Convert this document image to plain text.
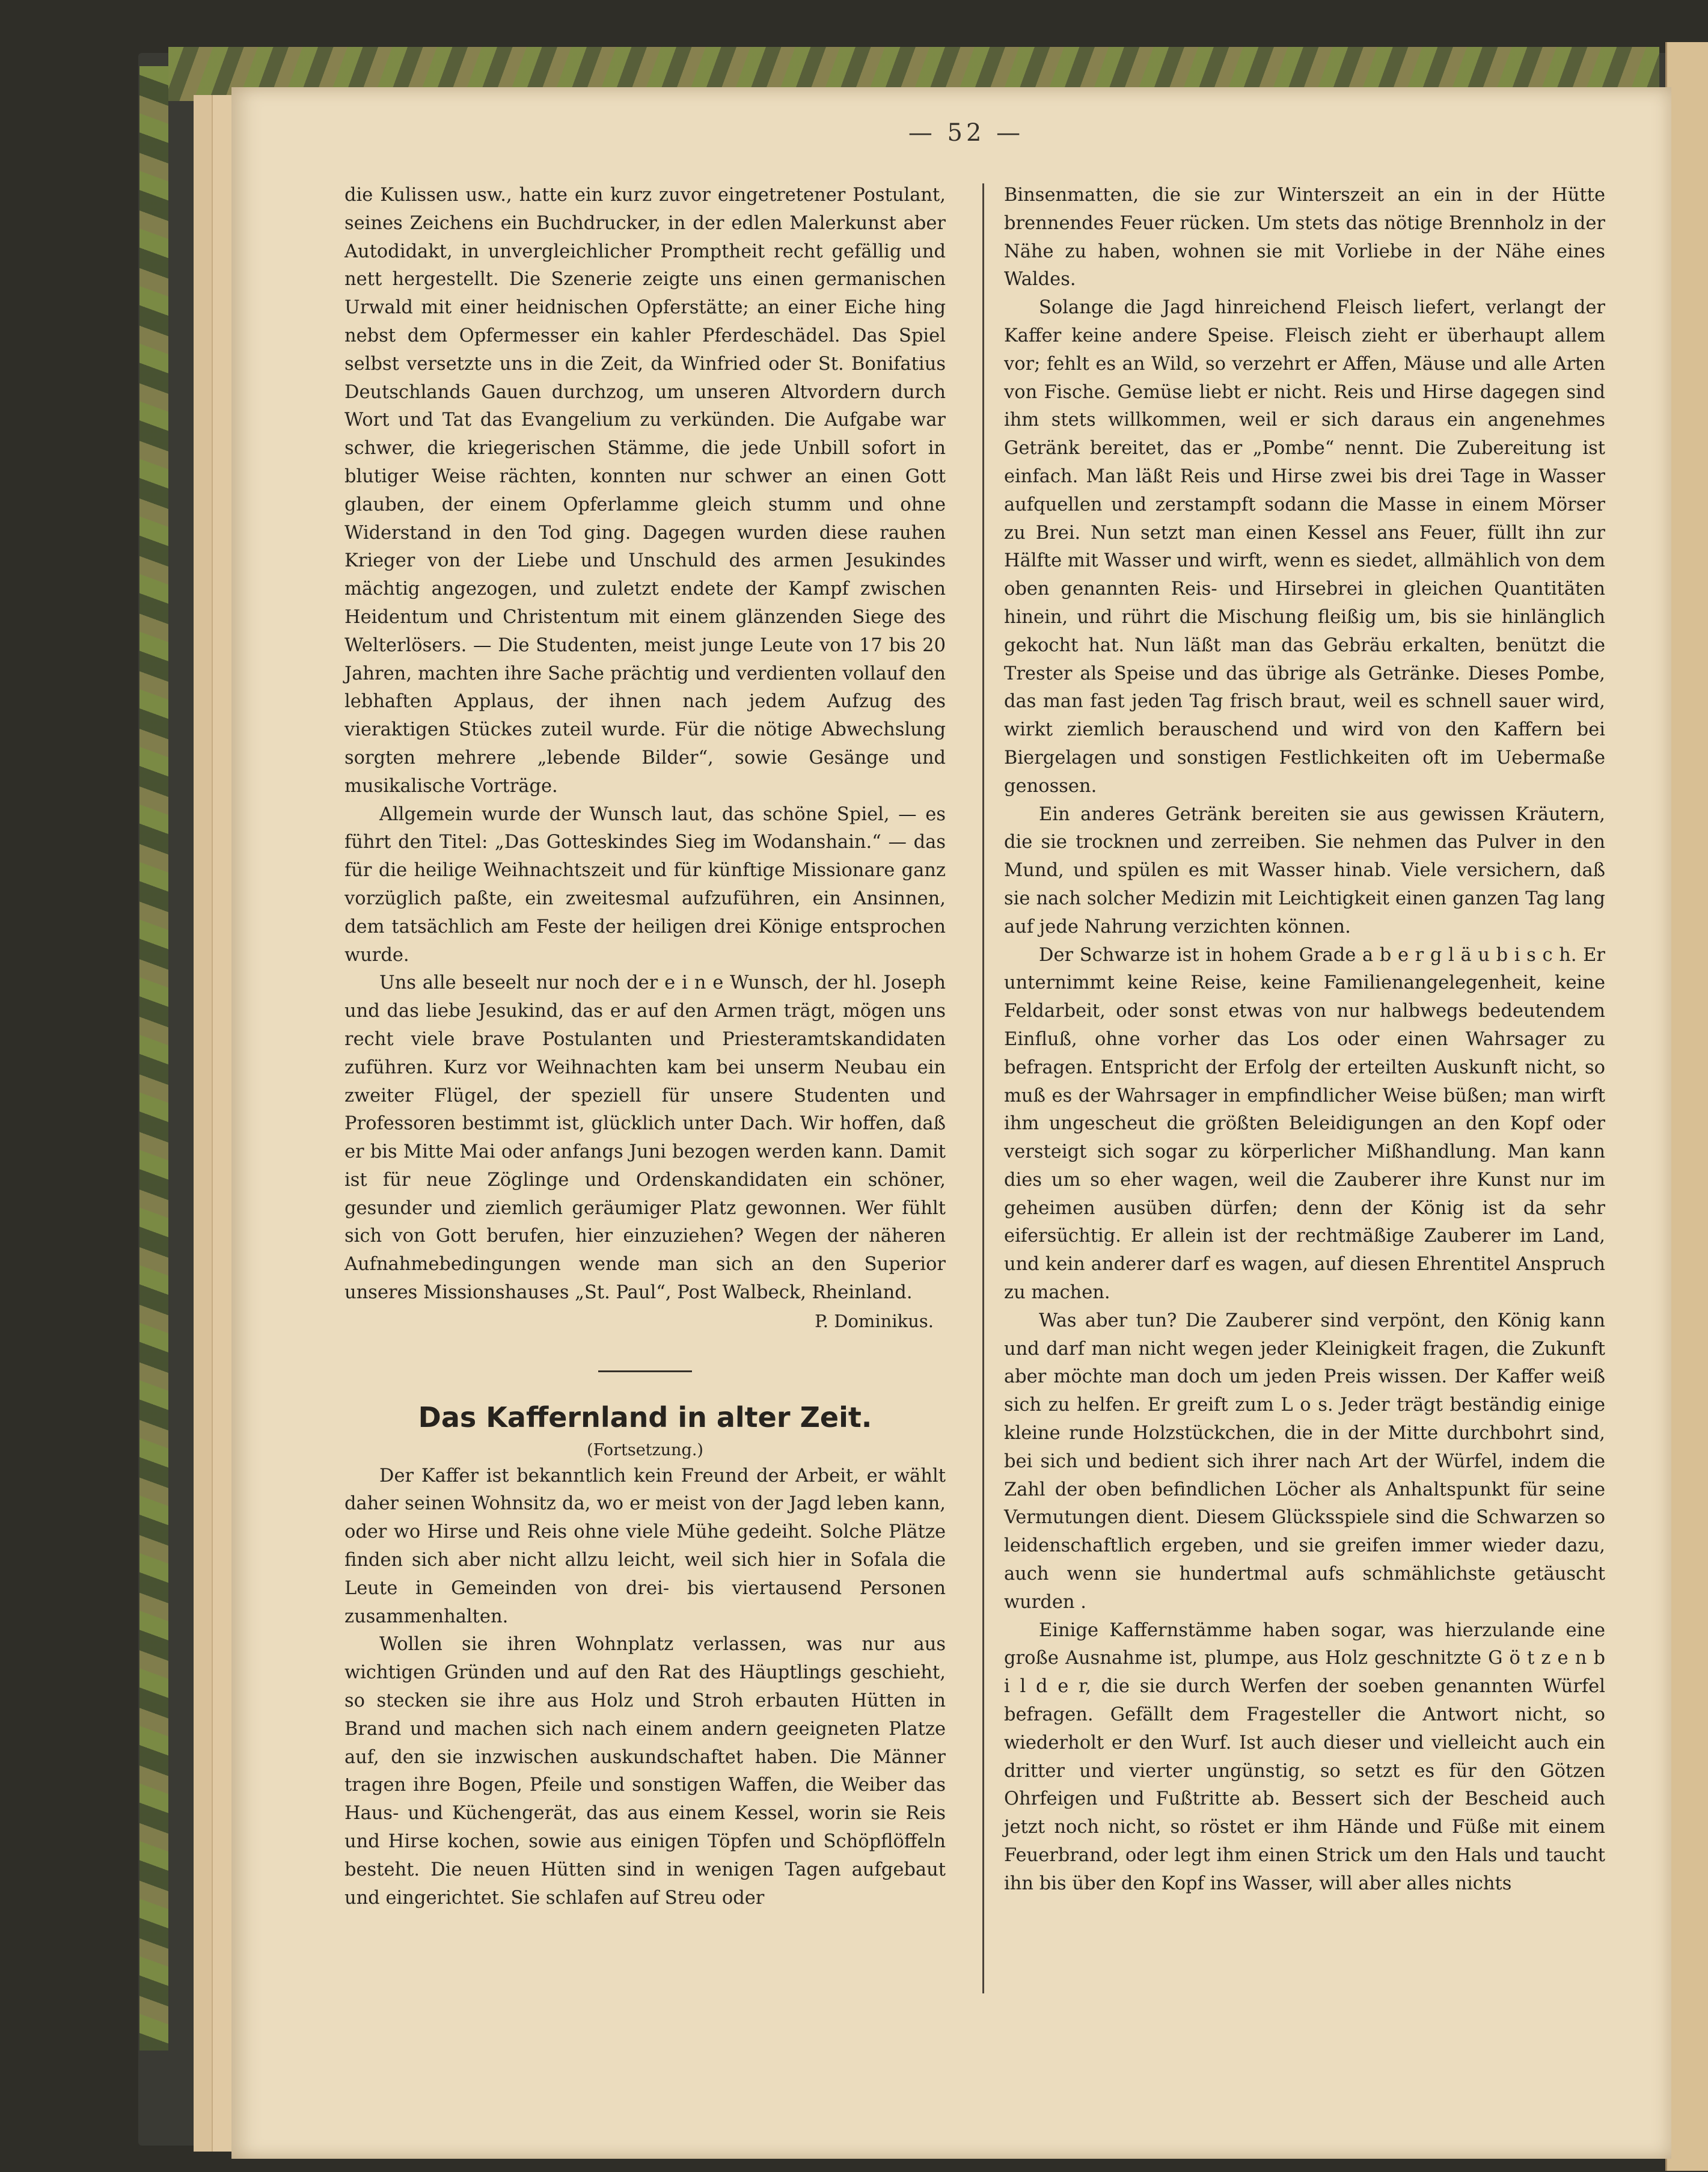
— 52 —

die Kulissen usw., hatte ein kurz zuvor eingetretener Postulant, seines Zeichens ein Buchdrucker, in der edlen Malerkunst aber Autodidakt, in unvergleichlicher Promptheit recht gefällig und nett hergestellt. Die Szenerie zeigte uns einen germanischen Urwald mit einer heidnischen Opferstätte; an einer Eiche hing nebst dem Opfermesser ein kahler Pferdeschädel. Das Spiel selbst versetzte uns in die Zeit, da Winfried oder St. Bonifatius Deutschlands Gauen durchzog, um unseren Altvordern durch Wort und Tat das Evangelium zu verkünden. Die Aufgabe war schwer, die kriegerischen Stämme, die jede Unbill sofort in blutiger Weise rächten, konnten nur schwer an einen Gott glauben, der einem Opferlamme gleich stumm und ohne Widerstand in den Tod ging. Dagegen wurden diese rauhen Krieger von der Liebe und Unschuld des armen Jesukindes mächtig angezogen, und zuletzt endete der Kampf zwischen Heidentum und Christentum mit einem glänzenden Siege des Welterlösers. — Die Studenten, meist junge Leute von 17 bis 20 Jahren, machten ihre Sache prächtig und verdienten vollauf den lebhaften Applaus, der ihnen nach jedem Aufzug des vieraktigen Stückes zuteil wurde. Für die nötige Abwechslung sorgten mehrere „lebende Bilder“, sowie Gesänge und musikalische Vorträge.

Allgemein wurde der Wunsch laut, das schöne Spiel, — es führt den Titel: „Das Gotteskindes Sieg im Wodanshain.“ — das für die heilige Weihnachtszeit und für künftige Missionare ganz vorzüglich paßte, ein zweitesmal aufzuführen, ein Ansinnen, dem tatsächlich am Feste der heiligen drei Könige entsprochen wurde.

Uns alle beseelt nur noch der e i n e Wunsch, der hl. Joseph und das liebe Jesukind, das er auf den Armen trägt, mögen uns recht viele brave Postulanten und Priesteramtskandidaten zuführen. Kurz vor Weihnachten kam bei unserm Neubau ein zweiter Flügel, der speziell für unsere Studenten und Professoren bestimmt ist, glücklich unter Dach. Wir hoffen, daß er bis Mitte Mai oder anfangs Juni bezogen werden kann. Damit ist für neue Zöglinge und Ordenskandidaten ein schöner, gesunder und ziemlich geräumiger Platz gewonnen. Wer fühlt sich von Gott berufen, hier einzuziehen? Wegen der näheren Aufnahmebedingungen wende man sich an den Superior unseres Missionshauses „St. Paul“, Post Walbeck, Rheinland.

P. Dominikus.

Das Kaffernland in alter Zeit.

(Fortsetzung.)

Der Kaffer ist bekanntlich kein Freund der Arbeit, er wählt daher seinen Wohnsitz da, wo er meist von der Jagd leben kann, oder wo Hirse und Reis ohne viele Mühe gedeiht. Solche Plätze finden sich aber nicht allzu leicht, weil sich hier in Sofala die Leute in Gemeinden von drei- bis viertausend Personen zusammenhalten.

Wollen sie ihren Wohnplatz verlassen, was nur aus wichtigen Gründen und auf den Rat des Häuptlings geschieht, so stecken sie ihre aus Holz und Stroh erbauten Hütten in Brand und machen sich nach einem andern geeigneten Platze auf, den sie inzwischen auskundschaftet haben. Die Männer tragen ihre Bogen, Pfeile und sonstigen Waffen, die Weiber das Haus- und Küchengerät, das aus einem Kessel, worin sie Reis und Hirse kochen, sowie aus einigen Töpfen und Schöpflöffeln besteht. Die neuen Hütten sind in wenigen Tagen aufgebaut und eingerichtet. Sie schlafen auf Streu oder

Binsenmatten, die sie zur Winterszeit an ein in der Hütte brennendes Feuer rücken. Um stets das nötige Brennholz in der Nähe zu haben, wohnen sie mit Vorliebe in der Nähe eines Waldes.

Solange die Jagd hinreichend Fleisch liefert, verlangt der Kaffer keine andere Speise. Fleisch zieht er überhaupt allem vor; fehlt es an Wild, so verzehrt er Affen, Mäuse und alle Arten von Fische. Gemüse liebt er nicht. Reis und Hirse dagegen sind ihm stets willkommen, weil er sich daraus ein angenehmes Getränk bereitet, das er „Pombe“ nennt. Die Zubereitung ist einfach. Man läßt Reis und Hirse zwei bis drei Tage in Wasser aufquellen und zerstampft sodann die Masse in einem Mörser zu Brei. Nun setzt man einen Kessel ans Feuer, füllt ihn zur Hälfte mit Wasser und wirft, wenn es siedet, allmählich von dem oben genannten Reis- und Hirsebrei in gleichen Quantitäten hinein, und rührt die Mischung fleißig um, bis sie hinlänglich gekocht hat. Nun läßt man das Gebräu erkalten, benützt die Trester als Speise und das übrige als Getränke. Dieses Pombe, das man fast jeden Tag frisch braut, weil es schnell sauer wird, wirkt ziemlich berauschend und wird von den Kaffern bei Biergelagen und sonstigen Festlichkeiten oft im Uebermaße genossen.

Ein anderes Getränk bereiten sie aus gewissen Kräutern, die sie trocknen und zerreiben. Sie nehmen das Pulver in den Mund, und spülen es mit Wasser hinab. Viele versichern, daß sie nach solcher Medizin mit Leichtigkeit einen ganzen Tag lang auf jede Nahrung verzichten können.

Der Schwarze ist in hohem Grade a b e r g l ä u b i s c h. Er unternimmt keine Reise, keine Familienangelegenheit, keine Feldarbeit, oder sonst etwas von nur halbwegs bedeutendem Einfluß, ohne vorher das Los oder einen Wahrsager zu befragen. Entspricht der Erfolg der erteilten Auskunft nicht, so muß es der Wahrsager in empfindlicher Weise büßen; man wirft ihm ungescheut die größten Beleidigungen an den Kopf oder versteigt sich sogar zu körperlicher Mißhandlung. Man kann dies um so eher wagen, weil die Zauberer ihre Kunst nur im geheimen ausüben dürfen; denn der König ist da sehr eifersüchtig. Er allein ist der rechtmäßige Zauberer im Land, und kein anderer darf es wagen, auf diesen Ehrentitel Anspruch zu machen.

Was aber tun? Die Zauberer sind verpönt, den König kann und darf man nicht wegen jeder Kleinigkeit fragen, die Zukunft aber möchte man doch um jeden Preis wissen. Der Kaffer weiß sich zu helfen. Er greift zum L o s. Jeder trägt beständig einige kleine runde Holzstückchen, die in der Mitte durchbohrt sind, bei sich und bedient sich ihrer nach Art der Würfel, indem die Zahl der oben befindlichen Löcher als Anhaltspunkt für seine Vermutungen dient. Diesem Glücksspiele sind die Schwarzen so leidenschaftlich ergeben, und sie greifen immer wieder dazu, auch wenn sie hundertmal aufs schmählichste getäuscht wurden .

Einige Kaffernstämme haben sogar, was hierzulande eine große Ausnahme ist, plumpe, aus Holz geschnitzte G ö t z e n b i l d e r, die sie durch Werfen der soeben genannten Würfel befragen. Gefällt dem Fragesteller die Antwort nicht, so wiederholt er den Wurf. Ist auch dieser und vielleicht auch ein dritter und vierter ungünstig, so setzt es für den Götzen Ohrfeigen und Fußtritte ab. Bessert sich der Bescheid auch jetzt noch nicht, so röstet er ihm Hände und Füße mit einem Feuerbrand, oder legt ihm einen Strick um den Hals und taucht ihn bis über den Kopf ins Wasser, will aber alles nichts
